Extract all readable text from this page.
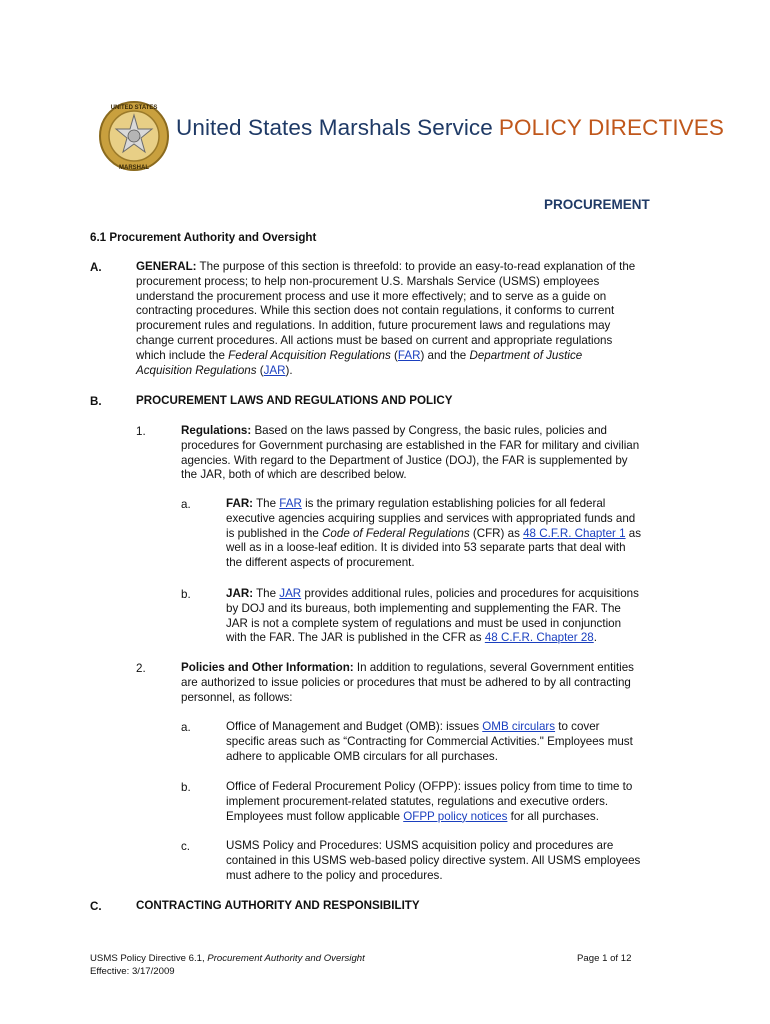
UNITED STATES
MARSHAL
United States Marshals Service POLICY DIRECTIVES
PROCUREMENT
6.1 Procurement Authority and Oversight
A.	GENERAL: The purpose of this section is threefold: to provide an easy-to-read explanation of the
procurement process; to help non-procurement U.S. Marshals Service (USMS) employees
understand the procurement process and use it more effectively; and to serve as a guide on
contracting procedures. While this section does not contain regulations, it conforms to current
procurement rules and regulations. In addition, future procurement laws and regulations may
change current procedures. All actions must be based on current and appropriate regulations
which include the Federal Acquisition Regulations (FAR) and the Department of Justice
Acquisition Regulations (JAR).
B.	PROCUREMENT LAWS AND REGULATIONS AND POLICY
1.	Regulations: Based on the laws passed by Congress, the basic rules, policies and
procedures for Government purchasing are established in the FAR for military and civilian
agencies. With regard to the Department of Justice (DOJ), the FAR is supplemented by
the JAR, both of which are described below.
a.	FAR: The FAR is the primary regulation establishing policies for all federal
executive agencies acquiring supplies and services with appropriated funds and
is published in the Code of Federal Regulations (CFR) as 48 C.F.R. Chapter 1 as
well as in a loose-leaf edition. It is divided into 53 separate parts that deal with
the different aspects of procurement.
b.	JAR: The JAR provides additional rules, policies and procedures for acquisitions
by DOJ and its bureaus, both implementing and supplementing the FAR. The
JAR is not a complete system of regulations and must be used in conjunction
with the FAR. The JAR is published in the CFR as 48 C.F.R. Chapter 28.
2.	Policies and Other Information: In addition to regulations, several Government entities
are authorized to issue policies or procedures that must be adhered to by all contracting
personnel, as follows:
a.	Office of Management and Budget (OMB): issues OMB circulars to cover
specific areas such as “Contracting for Commercial Activities." Employees must
adhere to applicable OMB circulars for all purchases.
b.	Office of Federal Procurement Policy (OFPP): issues policy from time to time to
implement procurement-related statutes, regulations and executive orders.
Employees must follow applicable OFPP policy notices for all purchases.
c.	USMS Policy and Procedures: USMS acquisition policy and procedures are
contained in this USMS web-based policy directive system. All USMS employees
must adhere to the policy and procedures.
C.	CONTRACTING AUTHORITY AND RESPONSIBILITY
USMS Policy Directive 6.1, Procurement Authority and Oversight
Effective: 3/17/2009
Page 1 of 12
